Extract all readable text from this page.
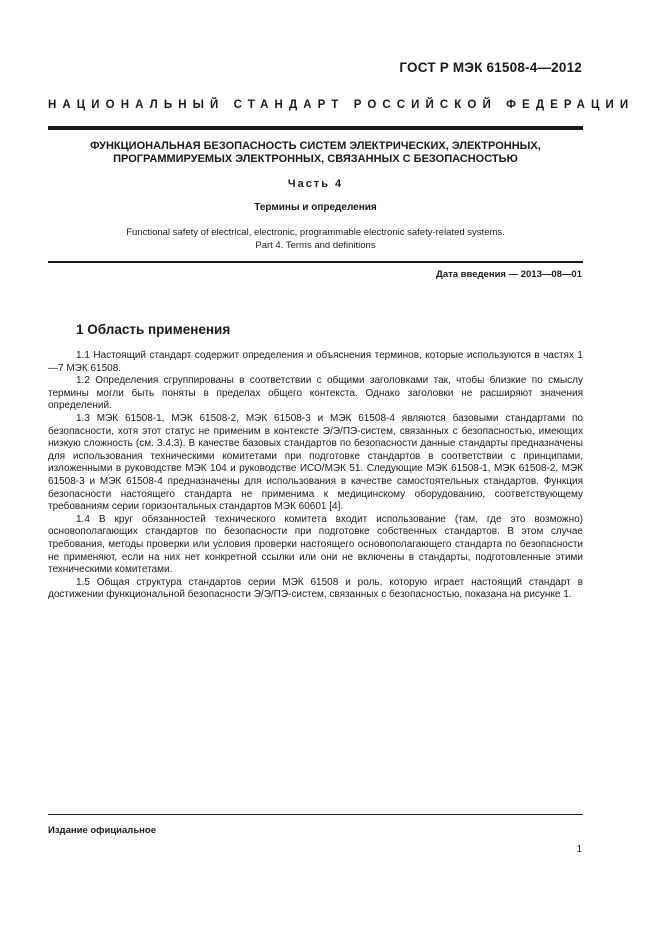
ГОСТ Р МЭК 61508-4—2012
НАЦИОНАЛЬНЫЙ СТАНДАРТ РОССИЙСКОЙ ФЕДЕРАЦИИ
ФУНКЦИОНАЛЬНАЯ БЕЗОПАСНОСТЬ СИСТЕМ ЭЛЕКТРИЧЕСКИХ, ЭЛЕКТРОННЫХ,
ПРОГРАММИРУЕМЫХ ЭЛЕКТРОННЫХ, СВЯЗАННЫХ С БЕЗОПАСНОСТЬЮ
Часть 4
Термины и определения
Functional safety of electrical, electronic, programmable electronic safety-related systems.
Part 4. Terms and definitions
Дата введения — 2013—08—01
1 Область применения

1.1 Настоящий стандарт содержит определения и объяснения терминов, которые используются в частях 1—7 МЭК 61508.

1.2 Определения сгруппированы в соответствии с общими заголовками так, чтобы близкие по смыслу термины могли быть поняты в пределах общего контекста. Однако заголовки не расширяют значения определений.

1.3 МЭК 61508-1, МЭК 61508-2, МЭК 61508-3 и МЭК 61508-4 являются базовыми стандартами по безопасности, хотя этот статус не применим в контексте Э/Э/ПЭ-систем, связанных с безопасностью, имеющих низкую сложность (см. 3.4.3). В качестве базовых стандартов по безопасности данные стандарты предназначены для использования техническими комитетами при подготовке стандартов в соответствии с принципами, изложенными в руководстве МЭК 104 и руководстве ИСО/МЭК 51. Следующие МЭК 61508-1, МЭК 61508-2, МЭК 61508-3 и МЭК 61508-4 предназначены для использования в качестве самостоятельных стандартов. Функция безопасности настоящего стандарта не применима к медицинскому оборудованию, соответствующему требованиям серии горизонтальных стандартов МЭК 60601 [4].

1.4 В круг обязанностей технического комитета входит использование (там, где это возможно) основополагающих стандартов по безопасности при подготовке собственных стандартов. В этом случае требования, методы проверки или условия проверки настоящего основополагающего стандарта по безопасности не применяют, если на них нет конкретной ссылки или они не включены в стандарты, подготовленные этими техническими комитетами.

1.5 Общая структура стандартов серии МЭК 61508 и роль, которую играет настоящий стандарт в достижении функциональной безопасности Э/Э/ПЭ-систем, связанных с безопасностью, показана на рисунке 1.

Издание официальное
1
